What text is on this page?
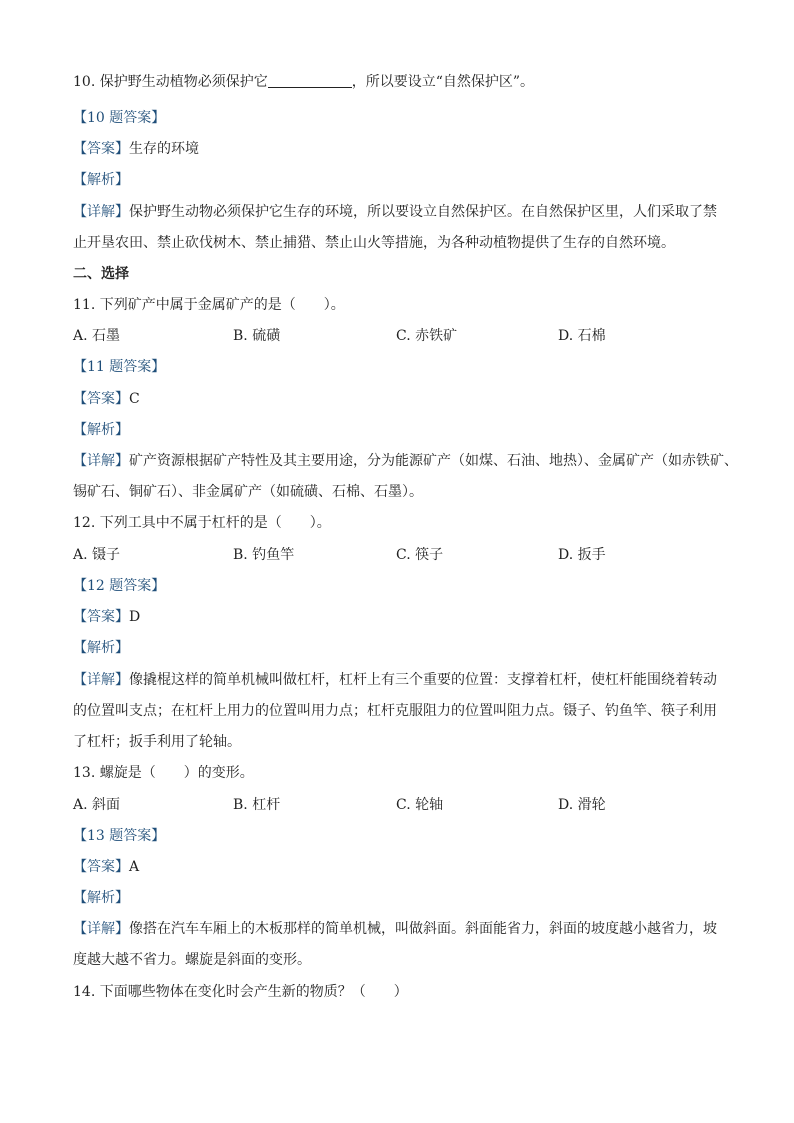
10. 保护野生动植物必须保护它	，所以要设立“自然保护区”。
【10 题答案】
【答案】生存的环境
【解析】
【详解】保护野生动物必须保护它生存的环境，所以要设立自然保护区。在自然保护区里，人们采取了禁
止开垦农田、禁止砍伐树木、禁止捕猎、禁止山火等措施，为各种动植物提供了生存的自然环境。
二、选择
11. 下列矿产中属于金属矿产的是（　　）。
A. 石墨	B. 硫磺	C. 赤铁矿	D. 石棉
【11 题答案】
【答案】C
【解析】
【详解】矿产资源根据矿产特性及其主要用途，分为能源矿产（如煤、石油、地热）、金属矿产（如赤铁矿、
锡矿石、铜矿石）、非金属矿产（如硫磺、石棉、石墨）。
12. 下列工具中不属于杠杆的是（　　）。
A. 镊子	B. 钓鱼竿	C. 筷子	D. 扳手
【12 题答案】
【答案】D
【解析】
【详解】像撬棍这样的简单机械叫做杠杆，杠杆上有三个重要的位置：支撑着杠杆，使杠杆能围绕着转动
的位置叫支点；在杠杆上用力的位置叫用力点；杠杆克服阻力的位置叫阻力点。镊子、钓鱼竿、筷子利用
了杠杆；扳手利用了轮轴。
13. 螺旋是（　　）的变形。
A. 斜面	B. 杠杆	C. 轮轴	D. 滑轮
【13 题答案】
【答案】A
【解析】
【详解】像搭在汽车车厢上的木板那样的简单机械，叫做斜面。斜面能省力，斜面的坡度越小越省力，坡
度越大越不省力。螺旋是斜面的变形。
14. 下面哪些物体在变化时会产生新的物质？（　　）
